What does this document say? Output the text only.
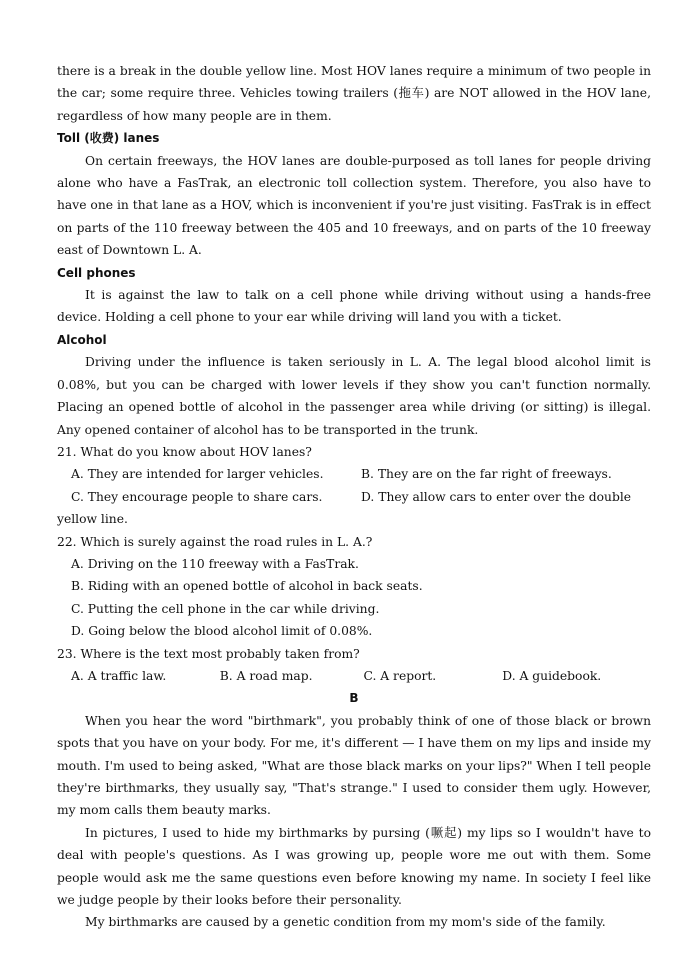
there is a break in the double yellow line. Most HOV lanes require a minimum of two people in the car; some require three. Vehicles towing trailers (拖车) are NOT allowed in the HOV lane, regardless of how many people are in them.

Toll (收费) lanes

On certain freeways, the HOV lanes are double-purposed as toll lanes for people driving alone who have a FasTrak, an electronic toll collection system. Therefore, you also have to have one in that lane as a HOV, which is inconvenient if you're just visiting. FasTrak is in effect on parts of the 110 freeway between the 405 and 10 freeways, and on parts of the 10 freeway east of Downtown L. A.

Cell phones

It is against the law to talk on a cell phone while driving without using a hands-free device. Holding a cell phone to your ear while driving will land you with a ticket.

Alcohol

Driving under the influence is taken seriously in L. A. The legal blood alcohol limit is 0.08%, but you can be charged with lower levels if they show you can't function normally. Placing an opened bottle of alcohol in the passenger area while driving (or sitting) is illegal. Any opened container of alcohol has to be transported in the trunk.

21. What do you know about HOV lanes?

A. They are intended for larger vehicles.	B. They are on the far right of freeways.
C. They encourage people to share cars.	D. They allow cars to enter over the double

yellow line.

22. Which is surely against the road rules in L. A.?

A. Driving on the 110 freeway with a FasTrak.

B. Riding with an opened bottle of alcohol in back seats.

C. Putting the cell phone in the car while driving.

D. Going below the blood alcohol limit of 0.08%.

23. Where is the text most probably taken from?

A. A traffic law.	B. A road map.	C. A report.	D. A guidebook.

B

When you hear the word "birthmark", you probably think of one of those black or brown spots that you have on your body. For me, it's different — I have them on my lips and inside my mouth. I'm used to being asked, "What are those black marks on your lips?" When I tell people they're birthmarks, they usually say, "That's strange." I used to consider them ugly. However, my mom calls them beauty marks.

In pictures, I used to hide my birthmarks by pursing (噘起) my lips so I wouldn't have to deal with people's questions. As I was growing up, people wore me out with them. Some people would ask me the same questions even before knowing my name. In society I feel like we judge people by their looks before their personality.

My birthmarks are caused by a genetic condition from my mom's side of the family.
